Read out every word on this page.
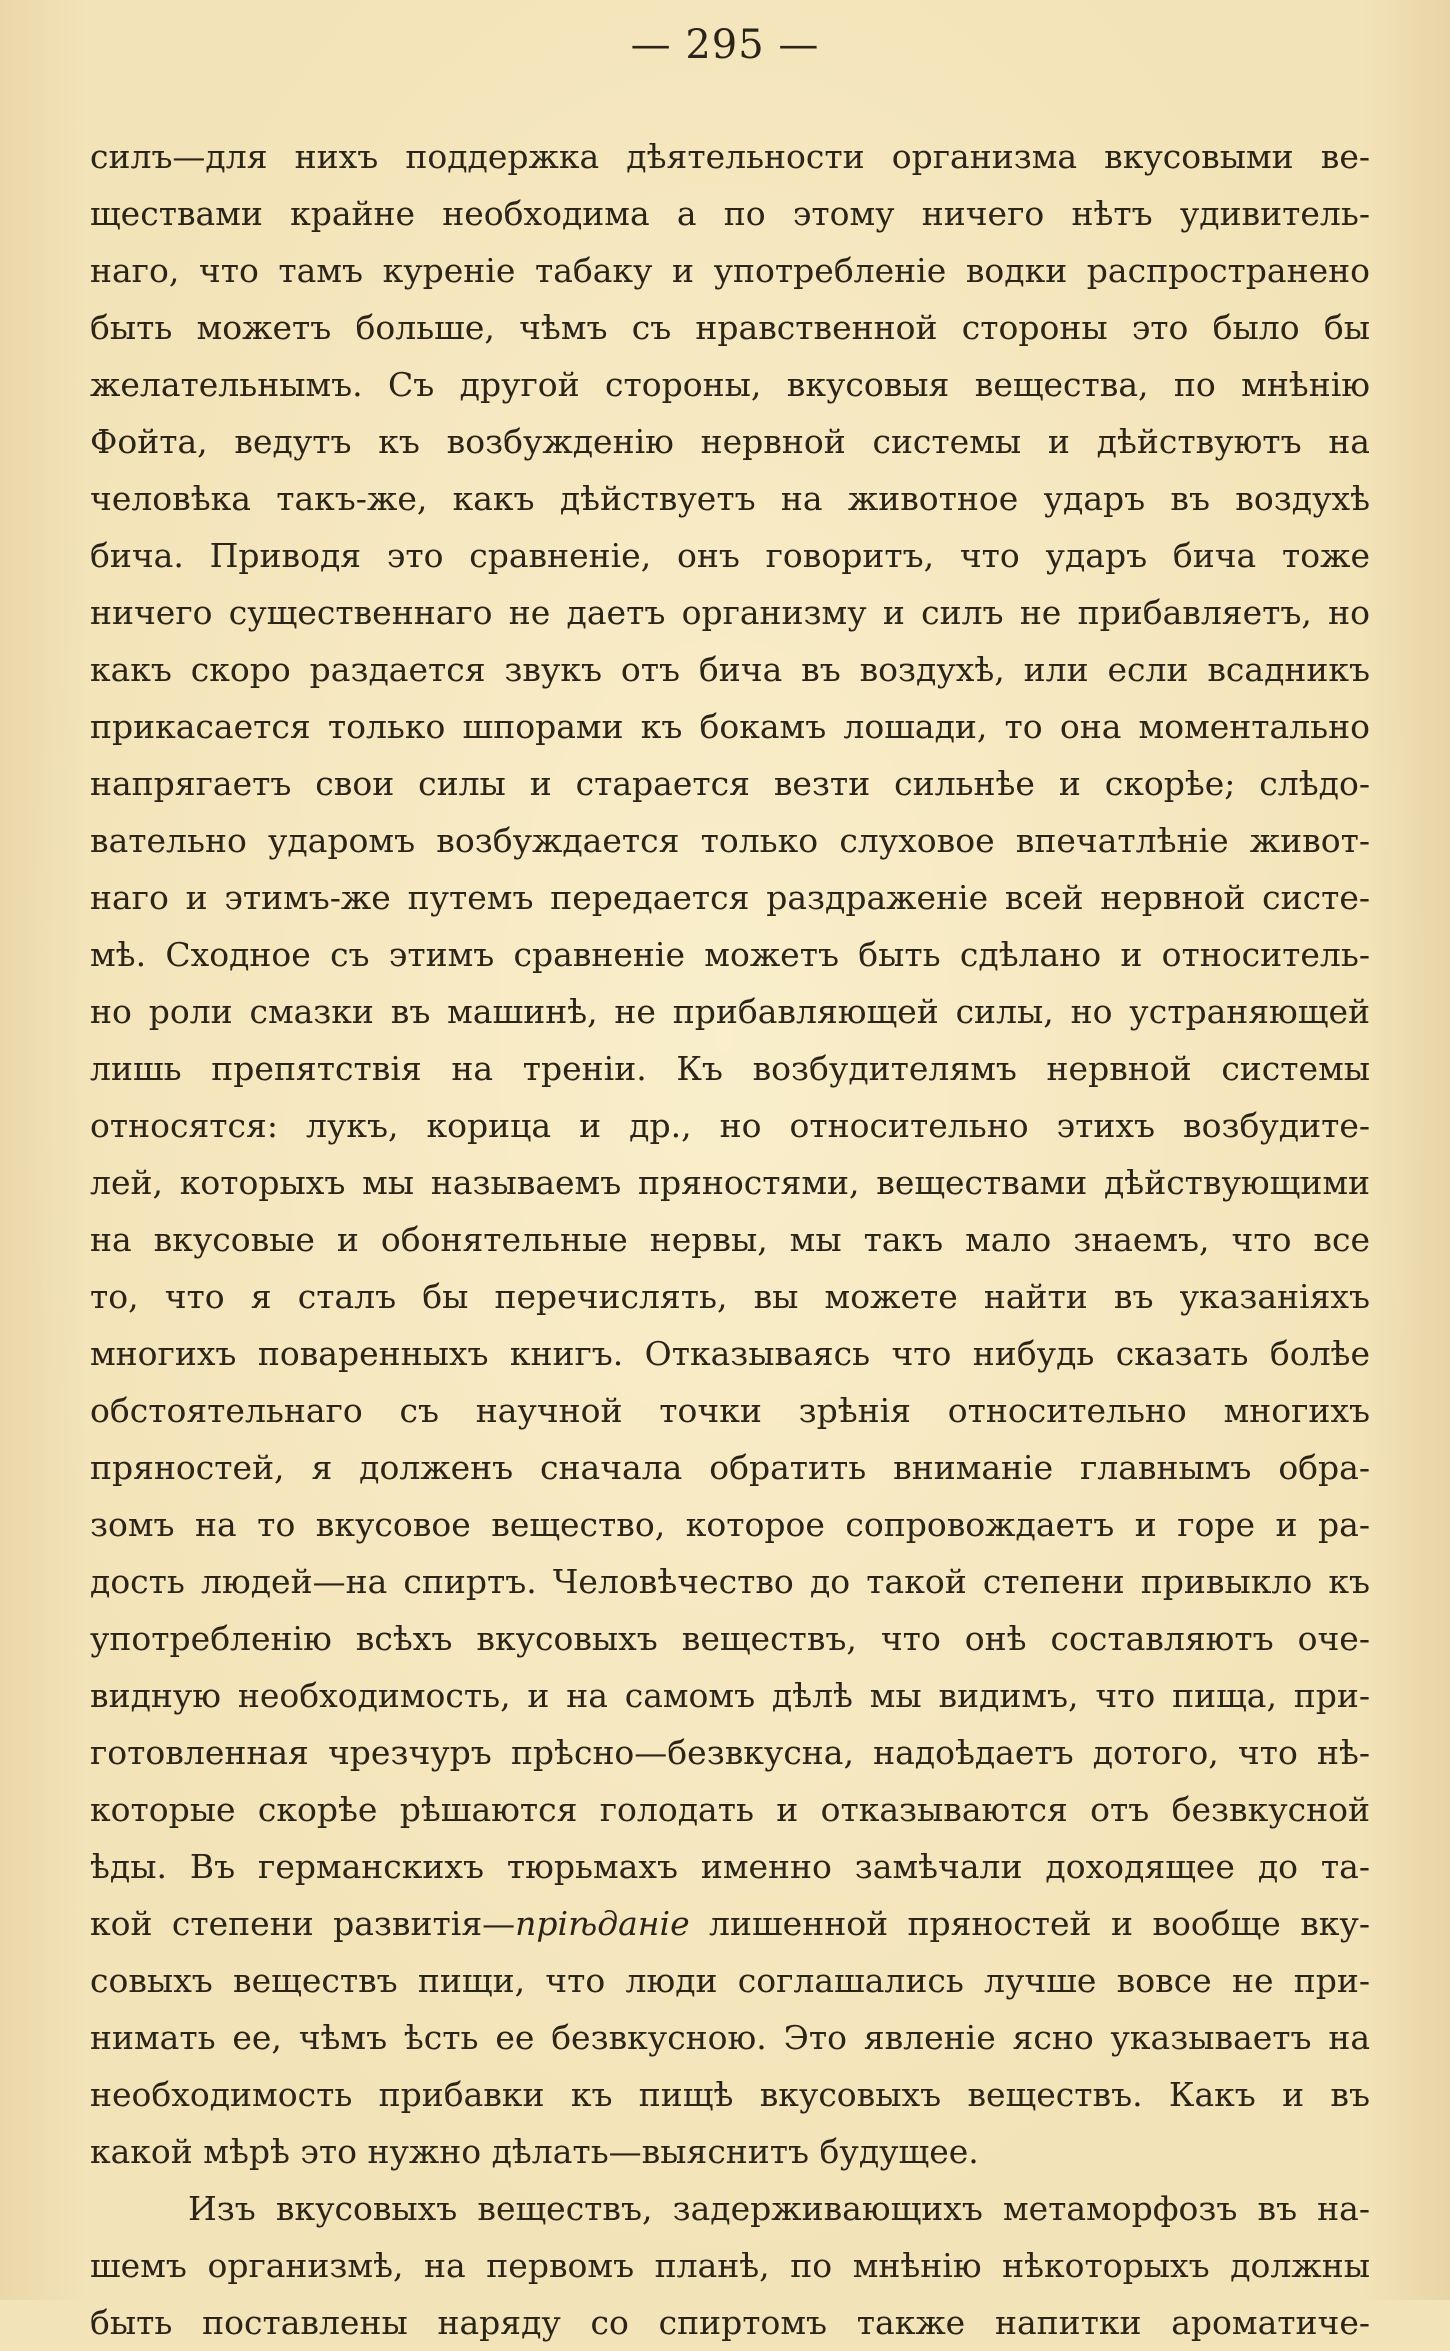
— 295 —
силъ—для нихъ поддержка дѣятельности организма вкусовыми ве-
ществами крайне необходима а по этому ничего нѣтъ удивитель-
наго, что тамъ куреніе табаку и употребленіе водки распространено
быть можетъ больше, чѣмъ съ нравственной стороны это было бы
желательнымъ. Съ другой стороны, вкусовыя вещества, по мнѣнію
Фойта, ведутъ къ возбужденію нервной системы и дѣйствуютъ на
человѣка такъ-же, какъ дѣйствуетъ на животное ударъ въ воздухѣ
бича. Приводя это сравненіе, онъ говоритъ, что ударъ бича тоже
ничего существеннаго не даетъ организму и силъ не прибавляетъ, но
какъ скоро раздается звукъ отъ бича въ воздухѣ, или если всадникъ
прикасается только шпорами къ бокамъ лошади, то она моментально
напрягаетъ свои силы и старается везти сильнѣе и скорѣе; слѣдо-
вательно ударомъ возбуждается только слуховое впечатлѣніе живот-
наго и этимъ-же путемъ передается раздраженіе всей нервной систе-
мѣ. Сходное съ этимъ сравненіе можетъ быть сдѣлано и относитель-
но роли смазки въ машинѣ, не прибавляющей силы, но устраняющей
лишь препятствія на треніи. Къ возбудителямъ нервной системы
относятся: лукъ, корица и др., но относительно этихъ возбудите-
лей, которыхъ мы называемъ пряностями, веществами дѣйствующими
на вкусовые и обонятельные нервы, мы такъ мало знаемъ, что все
то, что я сталъ бы перечислять, вы можете найти въ указаніяхъ
многихъ поваренныхъ книгъ. Отказываясь что нибудь сказать болѣе
обстоятельнаго съ научной точки зрѣнія относительно многихъ
пряностей, я долженъ сначала обратить вниманіе главнымъ обра-
зомъ на то вкусовое вещество, которое сопровождаетъ и горе и ра-
дость людей—на спиртъ. Человѣчество до такой степени привыкло къ
употребленію всѣхъ вкусовыхъ веществъ, что онѣ составляютъ оче-
видную необходимость, и на самомъ дѣлѣ мы видимъ, что пища, при-
готовленная чрезчуръ прѣсно—безвкусна, надоѣдаетъ дотого, что нѣ-
которые скорѣе рѣшаются голодать и отказываются отъ безвкусной
ѣды. Въ германскихъ тюрьмахъ именно замѣчали доходящее до та-
кой степени развитія—прiѣданiе лишенной пряностей и вообще вку-
совыхъ веществъ пищи, что люди соглашались лучше вовсе не при-
нимать ее, чѣмъ ѣсть ее безвкусною. Это явленіе ясно указываетъ на
необходимость прибавки къ пищѣ вкусовыхъ веществъ. Какъ и въ
какой мѣрѣ это нужно дѣлать—выяснитъ будущее.
Изъ вкусовыхъ веществъ, задерживающихъ метаморфозъ въ на-
шемъ организмѣ, на первомъ планѣ, по мнѣнію нѣкоторыхъ должны
быть поставлены наряду со спиртомъ также напитки ароматиче-
